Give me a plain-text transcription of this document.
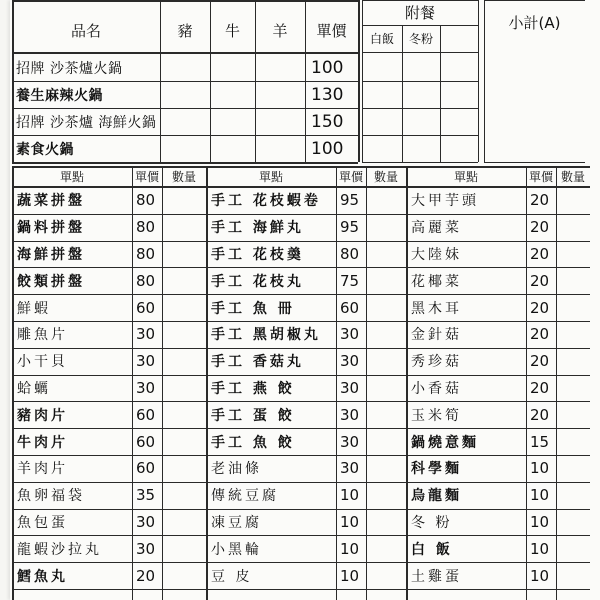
品名	豬	牛	羊	單價
附餐
白飯	冬粉
小計(A)
招牌 沙茶爐火鍋	100
養生麻辣火鍋	130
招牌 沙茶爐 海鮮火鍋	150
素食火鍋	100
單點	單價	數量
蔬菜拼盤	80
鍋料拼盤	80
海鮮拼盤	80
餃類拼盤	80
鮮蝦	60
雕魚片	30
小干貝	30
蛤蠣	30
豬肉片	60
牛肉片	60
羊肉片	60
魚卵福袋	35
魚包蛋	30
龍蝦沙拉丸	30
鱈魚丸	20
單點	單價 數量
手工 花枝蝦卷	95
手工 海鮮丸	95
手工 花枝羮	80
手工 花枝丸	75
手工 魚 冊	60
手工 黑胡椒丸	30
手工 香菇丸	30
手工 燕 餃	30
手工 蛋 餃	30
手工 魚 餃	30
老油條	30
傳統豆腐	10
凍豆腐	10
小黑輪	10
豆 皮	10
單點	單價 數量
大甲芋頭	20
高麗菜	20
大陸妹	20
花椰菜	20
黑木耳	20
金針菇	20
秀珍菇	20
小香菇	20
玉米筍	20
鍋燒意麵	15
科學麵	10
烏龍麵	10
冬 粉	10
白 飯	10
土雞蛋	10
